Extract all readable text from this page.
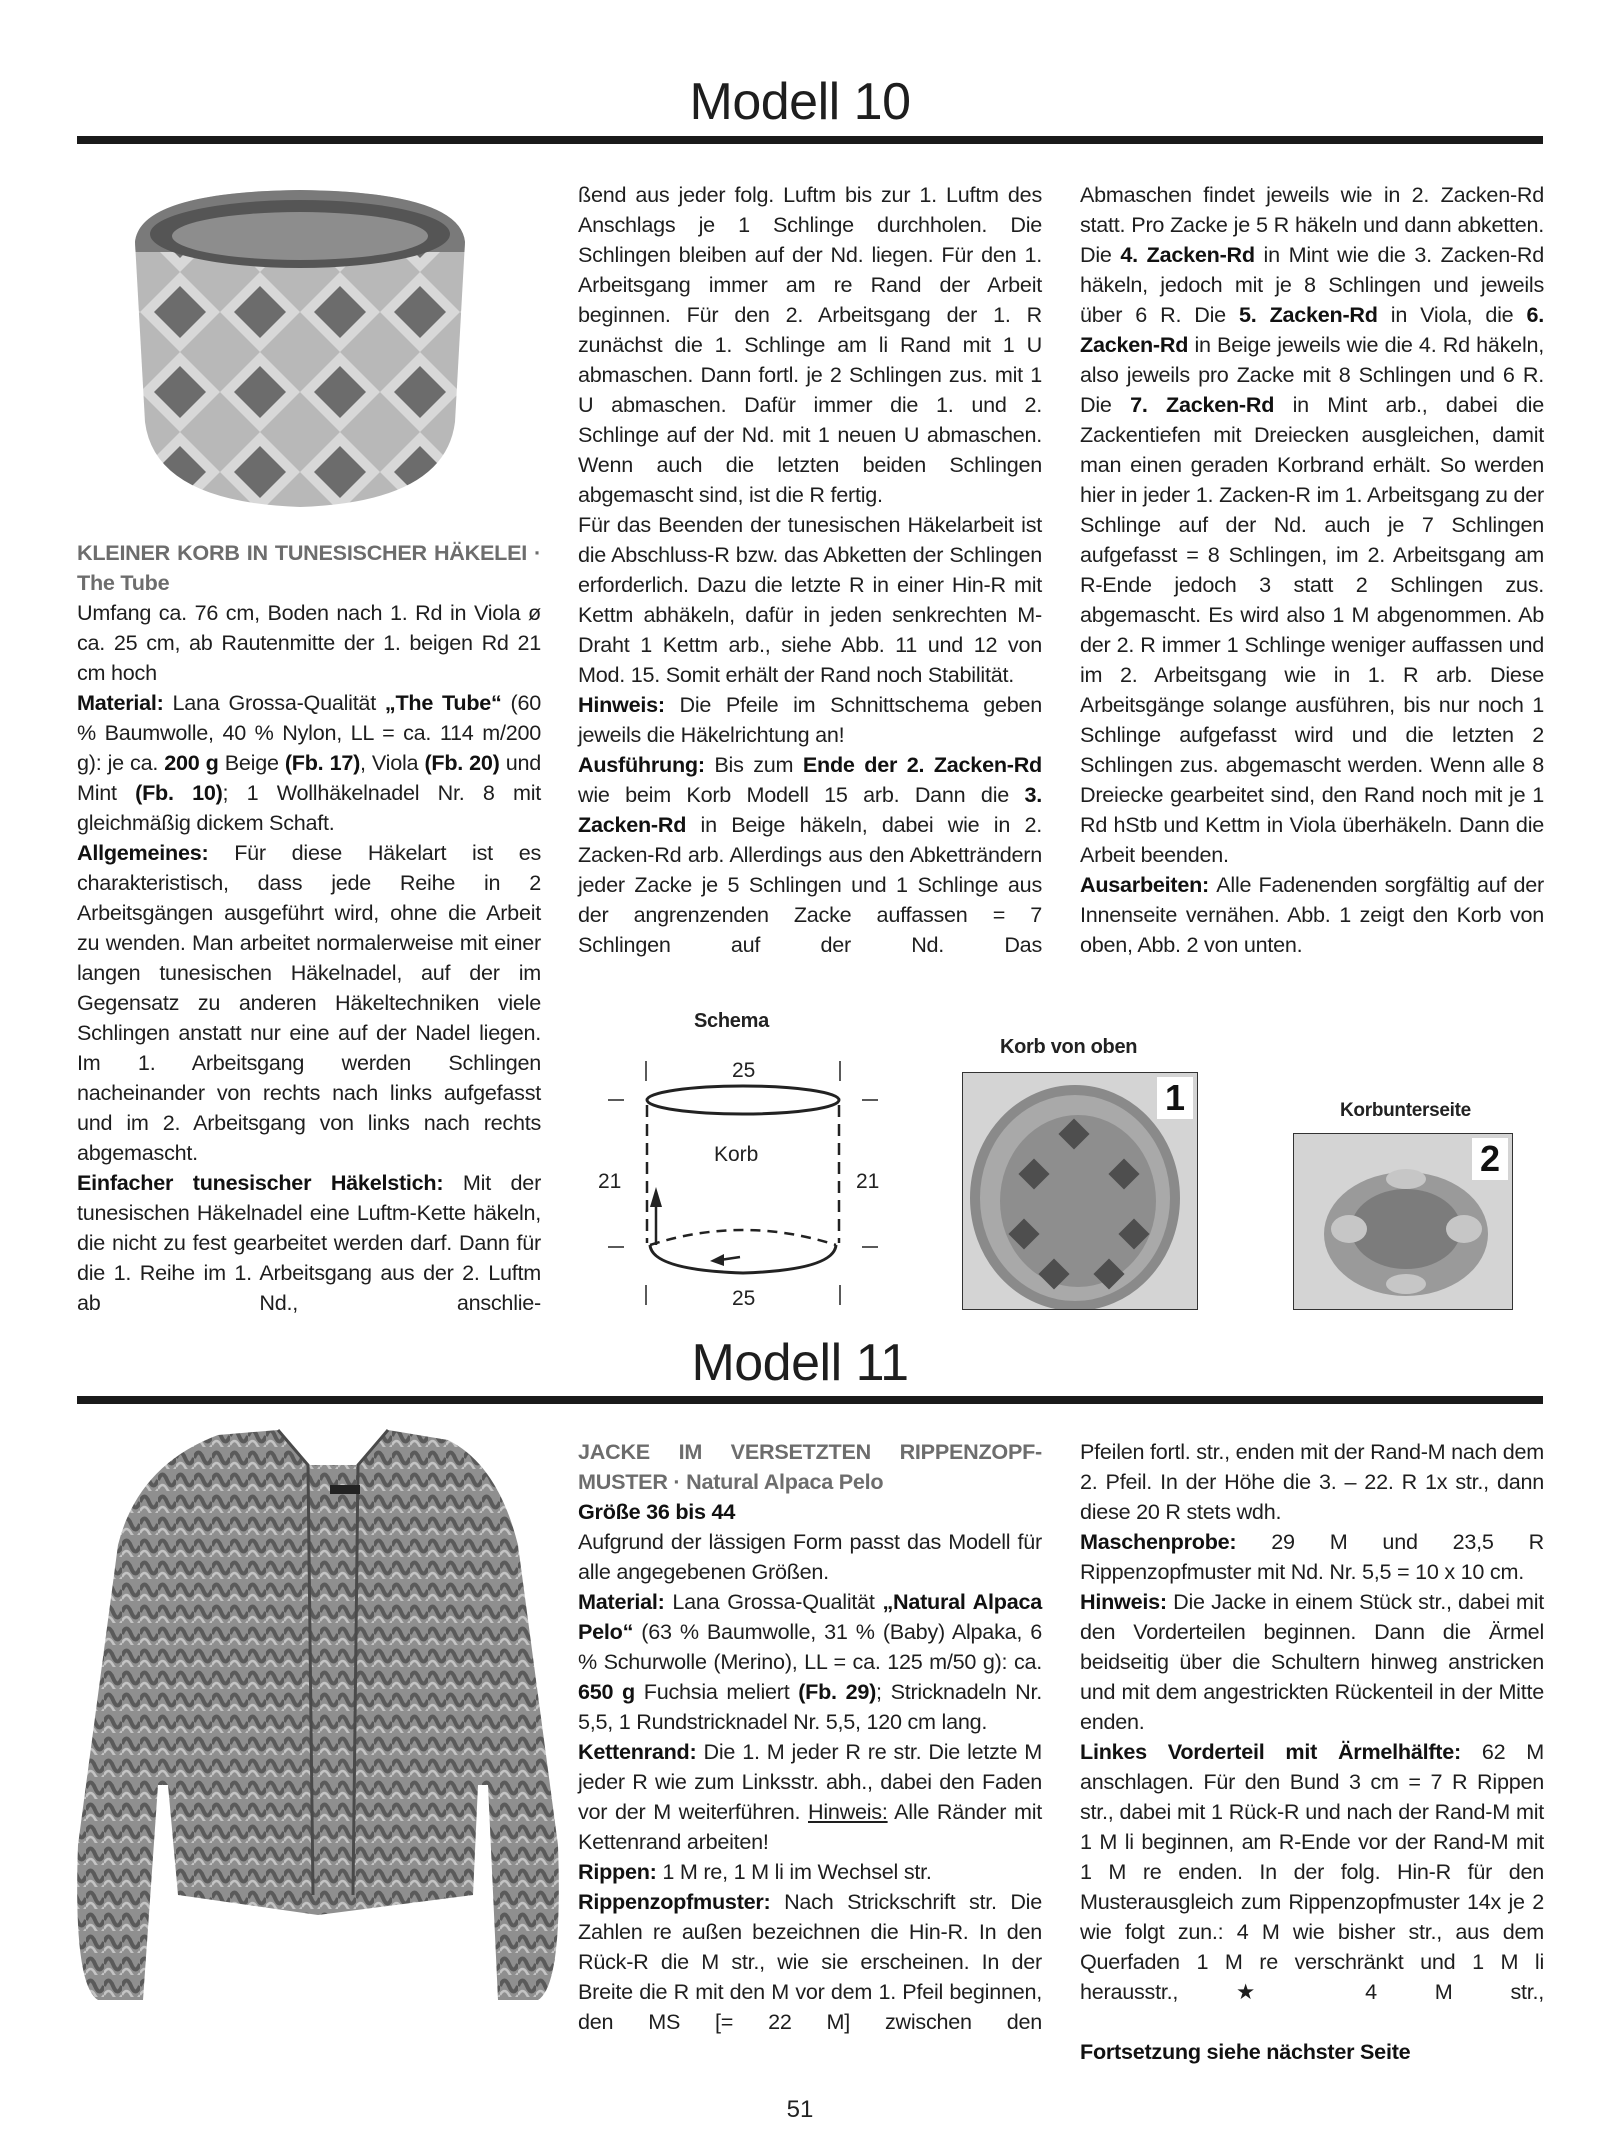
Modell 10

KLEINER KORB IN TUNESISCHER HÄKELEI · The Tube

Umfang ca. 76 cm, Boden nach 1. Rd in Viola ø ca. 25 cm, ab Rautenmitte der 1. beigen Rd 21 cm hoch

Material: Lana Grossa-Qualität „The Tube“ (60 % Baumwolle, 40 % Nylon, LL = ca. 114 m/200 g): je ca. 200 g Beige (Fb. 17), Viola (Fb. 20) und Mint (Fb. 10); 1 Wollhäkelnadel Nr. 8 mit gleichmäßig dickem Schaft.

Allgemeines: Für diese Häkelart ist es charakteristisch, dass jede Reihe in 2 Arbeitsgängen ausgeführt wird, ohne die Arbeit zu wenden. Man arbeitet normalerweise mit einer langen tunesischen Häkelnadel, auf der im Gegensatz zu anderen Häkeltechniken viele Schlingen anstatt nur eine auf der Nadel liegen. Im 1. Arbeitsgang werden Schlingen nacheinander von rechts nach links aufgefasst und im 2. Arbeitsgang von links nach rechts abgemascht.

Einfacher tunesischer Häkelstich: Mit der tunesischen Häkelnadel eine Luftm-Kette häkeln, die nicht zu fest gearbeitet werden darf. Dann für die 1. Reihe im 1. Arbeitsgang aus der 2. Luftm ab Nd., anschlie-

ßend aus jeder folg. Luftm bis zur 1. Luftm des Anschlags je 1 Schlinge durchholen. Die Schlingen bleiben auf der Nd. liegen. Für den 1. Arbeitsgang immer am re Rand der Arbeit beginnen. Für den 2. Arbeitsgang der 1. R zunächst die 1. Schlinge am li Rand mit 1 U abmaschen. Dann fortl. je 2 Schlingen zus. mit 1 U abmaschen. Dafür immer die 1. und 2. Schlinge auf der Nd. mit 1 neuen U abmaschen. Wenn auch die letzten beiden Schlingen abgemascht sind, ist die R fertig.

Für das Beenden der tunesischen Häkelarbeit ist die Abschluss-R bzw. das Abketten der Schlingen erforderlich. Dazu die letzte R in einer Hin-R mit Kettm abhäkeln, dafür in jeden senkrechten M-Draht 1 Kettm arb., siehe Abb. 11 und 12 von Mod. 15. Somit erhält der Rand noch Stabilität.

Hinweis: Die Pfeile im Schnittschema geben jeweils die Häkelrichtung an!

Ausführung: Bis zum Ende der 2. Zacken-Rd wie beim Korb Modell 15 arb. Dann die 3. Zacken-Rd in Beige häkeln, dabei wie in 2. Zacken-Rd arb. Allerdings aus den Abketträndern jeder Zacke je 5 Schlingen und 1 Schlinge aus der angrenzenden Zacke auffassen = 7 Schlingen auf der Nd. Das

Abmaschen findet jeweils wie in 2. Zacken-Rd statt. Pro Zacke je 5 R häkeln und dann abketten. Die 4. Zacken-Rd in Mint wie die 3. Zacken-Rd häkeln, jedoch mit je 8 Schlingen und jeweils über 6 R. Die 5. Zacken-Rd in Viola, die 6. Zacken-Rd in Beige jeweils wie die 4. Rd häkeln, also jeweils pro Zacke mit 8 Schlingen und 6 R. Die 7. Zacken-Rd in Mint arb., dabei die Zackentiefen mit Dreiecken ausgleichen, damit man einen geraden Korbrand erhält. So werden hier in jeder 1. Zacken-R im 1. Arbeitsgang zu der Schlinge auf der Nd. auch je 7 Schlingen aufgefasst = 8 Schlingen, im 2. Arbeitsgang am R-Ende jedoch 3 statt 2 Schlingen zus. abgemascht. Es wird also 1 M abgenommen. Ab der 2. R immer 1 Schlinge weniger auffassen und im 2. Arbeitsgang wie in 1. R arb. Diese Arbeitsgänge solange ausführen, bis nur noch 1 Schlinge aufgefasst wird und die letzten 2 Schlingen zus. abgemascht werden. Wenn alle 8 Dreiecke gearbeitet sind, den Rand noch mit je 1 Rd hStb und Kettm in Viola überhäkeln. Dann die Arbeit beenden.

Ausarbeiten: Alle Fadenenden sorgfältig auf der Innenseite vernähen. Abb. 1 zeigt den Korb von oben, Abb. 2 von unten.

Schema
25
25
21	21
Korb
Korb von oben
1	Korbunterseite
2
Modell 11

JACKE IM VERSETZTEN RIPPENZOPF-MUSTER · Natural Alpaca Pelo

Größe 36 bis 44

Aufgrund der lässigen Form passt das Modell für alle angegebenen Größen.

Material: Lana Grossa-Qualität „Natural Alpaca Pelo“ (63 % Baumwolle, 31 % (Baby) Alpaka, 6 % Schurwolle (Merino), LL = ca. 125 m/50 g): ca. 650 g Fuchsia meliert (Fb. 29); Stricknadeln Nr. 5,5, 1 Rundstricknadel Nr. 5,5, 120 cm lang.

Kettenrand: Die 1. M jeder R re str. Die letzte M jeder R wie zum Linksstr. abh., dabei den Faden vor der M weiterführen. Hinweis: Alle Ränder mit Kettenrand arbeiten!

Rippen: 1 M re, 1 M li im Wechsel str.

Rippenzopfmuster: Nach Strickschrift str. Die Zahlen re außen bezeichnen die Hin-R. In den Rück-R die M str., wie sie erscheinen. In der Breite die R mit den M vor dem 1. Pfeil beginnen, den MS [= 22 M] zwischen den

Pfeilen fortl. str., enden mit der Rand-M nach dem 2. Pfeil. In der Höhe die 3. – 22. R 1x str., dann diese 20 R stets wdh.

Maschenprobe: 29 M und 23,5 R Rippenzopfmuster mit Nd. Nr. 5,5 = 10 x 10 cm.

Hinweis: Die Jacke in einem Stück str., dabei mit den Vorderteilen beginnen. Dann die Ärmel beidseitig über die Schultern hinweg anstricken und mit dem angestrickten Rückenteil in der Mitte enden.

Linkes Vorderteil mit Ärmelhälfte: 62 M anschlagen. Für den Bund 3 cm = 7 R Rippen str., dabei mit 1 Rück-R und nach der Rand-M mit 1 M li beginnen, am R-Ende vor der Rand-M mit 1 M re enden. In der folg. Hin-R für den Musterausgleich zum Rippenzopfmuster 14x je 2 wie folgt zun.: 4 M wie bisher str., aus dem Querfaden 1 M re verschränkt und 1 M li herausstr., ★ 4 M str.,

Fortsetzung siehe nächster Seite

51
